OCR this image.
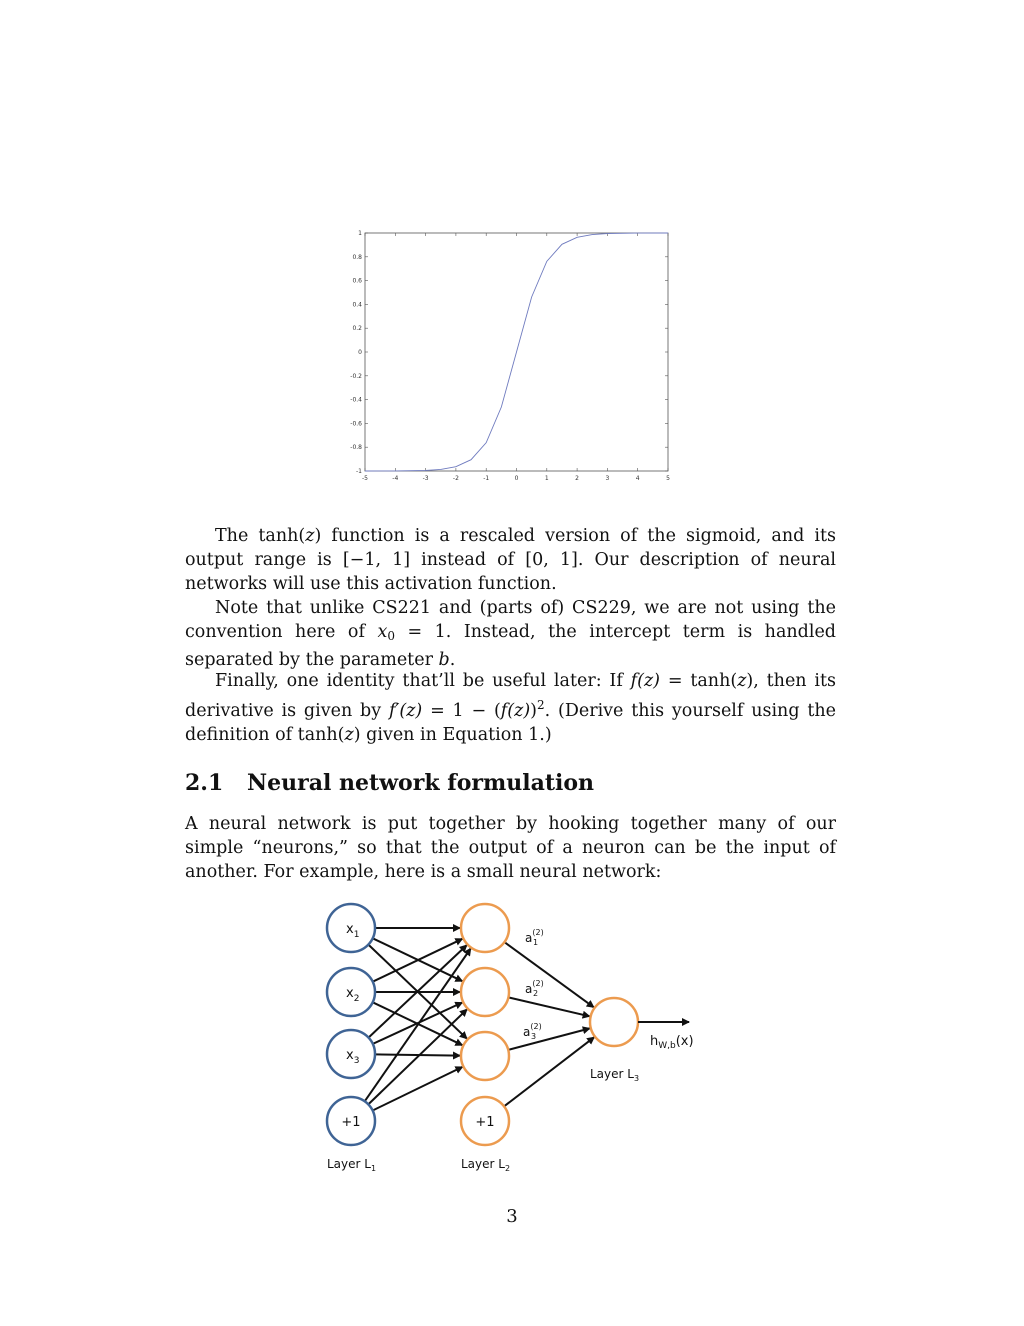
-5	-4	-3	-2	-1	0	1	2	3	4	5
1
0.8
0.6
0.4
0.2
0
-0.2
-0.4
-0.6
-0.8
-1

The tanh(z) function is a rescaled version of the sigmoid, and its output range is [−1, 1] instead of [0, 1]. Our description of neural networks will use this activation function.

Note that unlike CS221 and (parts of) CS229, we are not using the convention here of $x_0 = 1$. Instead, the intercept term is handled separated by the parameter b.

Finally, one identity that’ll be useful later: If f(z) = tanh(z), then its derivative is given by $f'(z) = 1 - (f(z))^2$. (Derive this yourself using the definition of tanh(z) given in Equation 1.)

2.1 Neural network formulation

A neural network is put together by hooking together many of our simple “neurons,” so that the output of a neuron can be the input of another. For example, here is a small neural network:

$x_1$
$x_2$
$x_3$
+1	+1
$a^{(2)}$ 1
$a^{(2)}$ 2
$a^{(2)}$ 3	$h_{W,b}(x)$
Layer $L_1$	Layer $L_2$
Layer $L_3$
3
